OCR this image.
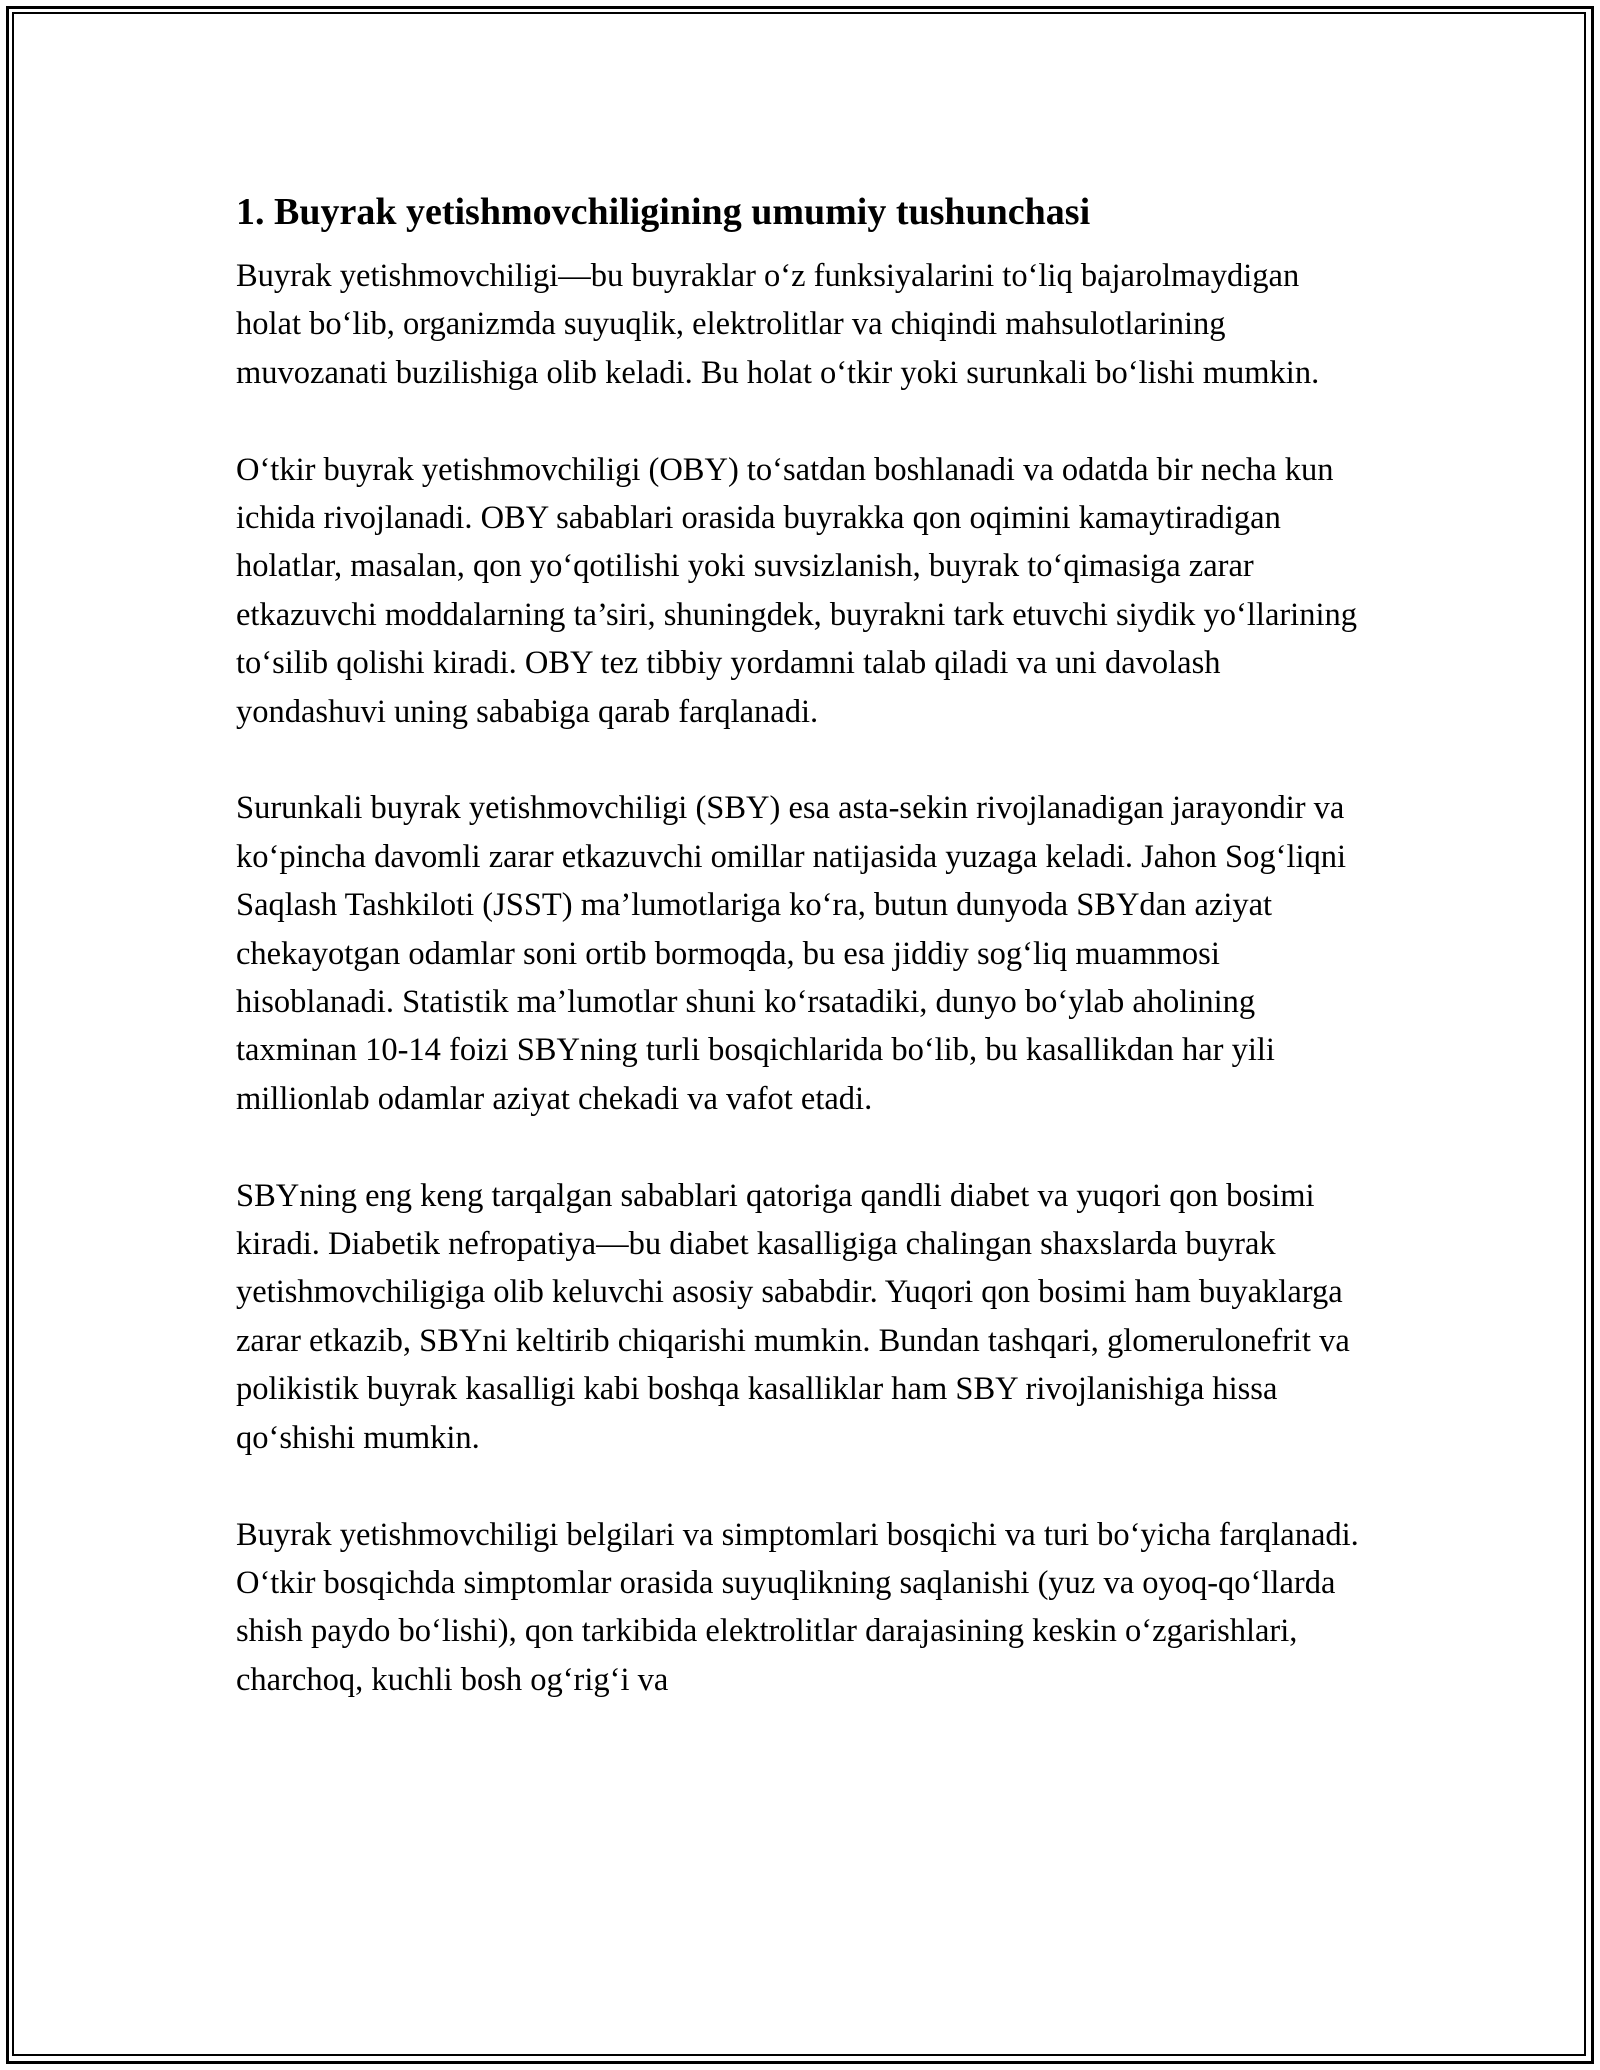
1. Buyrak yetishmovchiligining umumiy tushunchasi

Buyrak yetishmovchiligi—bu buyraklar o‘z funksiyalarini to‘liq bajarolmaydigan holat bo‘lib, organizmda suyuqlik, elektrolitlar va chiqindi mahsulotlarining muvozanati buzilishiga olib keladi. Bu holat o‘tkir yoki surunkali bo‘lishi mumkin.

O‘tkir buyrak yetishmovchiligi (OBY) to‘satdan boshlanadi va odatda bir necha kun ichida rivojlanadi. OBY sabablari orasida buyrakka qon oqimini kamaytiradigan holatlar, masalan, qon yo‘qotilishi yoki suvsizlanish, buyrak to‘qimasiga zarar etkazuvchi moddalarning ta’siri, shuningdek, buyrakni tark etuvchi siydik yo‘llarining to‘silib qolishi kiradi. OBY tez tibbiy yordamni talab qiladi va uni davolash yondashuvi uning sababiga qarab farqlanadi.

Surunkali buyrak yetishmovchiligi (SBY) esa asta-sekin rivojlanadigan jarayondir va ko‘pincha davomli zarar etkazuvchi omillar natijasida yuzaga keladi. Jahon Sog‘liqni Saqlash Tashkiloti (JSST) ma’lumotlariga ko‘ra, butun dunyoda SBYdan aziyat chekayotgan odamlar soni ortib bormoqda, bu esa jiddiy sog‘liq muammosi hisoblanadi. Statistik ma’lumotlar shuni ko‘rsatadiki, dunyo bo‘ylab aholining taxminan 10-14 foizi SBYning turli bosqichlarida bo‘lib, bu kasallikdan har yili millionlab odamlar aziyat chekadi va vafot etadi.

SBYning eng keng tarqalgan sabablari qatoriga qandli diabet va yuqori qon bosimi kiradi. Diabetik nefropatiya—bu diabet kasalligiga chalingan shaxslarda buyrak yetishmovchiligiga olib keluvchi asosiy sababdir. Yuqori qon bosimi ham buyaklarga zarar etkazib, SBYni keltirib chiqarishi mumkin. Bundan tashqari, glomerulonefrit va polikistik buyrak kasalligi kabi boshqa kasalliklar ham SBY rivojlanishiga hissa qo‘shishi mumkin.

Buyrak yetishmovchiligi belgilari va simptomlari bosqichi va turi bo‘yicha farqlanadi. O‘tkir bosqichda simptomlar orasida suyuqlikning saqlanishi (yuz va oyoq-qo‘llarda shish paydo bo‘lishi), qon tarkibida elektrolitlar darajasining keskin o‘zgarishlari, charchoq, kuchli bosh og‘rig‘i va
